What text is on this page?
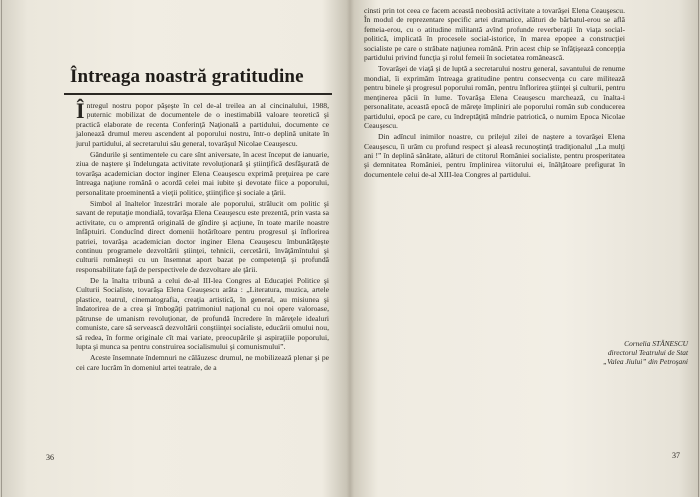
Întreaga noastră gratitudine

Întregul nostru popor păşeşte în cel de-al treilea an al cincinalului, 1988, puternic mobilizat de documentele de o inestimabilă valoare teoretică şi practică elaborate de recenta Conferinţă Naţională a partidului, documente ce jalonează drumul mereu ascendent al poporului nostru, într-o deplină unitate în jurul partidului, al secretarului său general, tovarăşul Nicolae Ceauşescu.

Gândurile şi sentimentele cu care sînt aniversate, în acest început de ianuarie, ziua de naştere şi îndelungata activitate revoluţionară şi ştiinţifică desfăşurată de tovarăşa academician doctor inginer Elena Ceauşescu exprimă preţuirea pe care întreaga naţiune română o acordă celei mai iubite şi devotate fiice a poporului, personalitate proeminentă a vieţii politice, ştiinţifice şi sociale a ţării.

Simbol al înaltelor înzestrări morale ale poporului, strălucit om politic şi savant de reputaţie mondială, tovarăşa Elena Ceauşescu este prezentă, prin vasta sa activitate, cu o amprentă originală de gîndire şi acţiune, în toate marile noastre înfăptuiri. Conducînd direct domenii hotărîtoare pentru progresul şi înflorirea patriei, tovarăşa academician doctor inginer Elena Ceauşescu îmbunătăţeşte continuu programele dezvoltării ştiinţei, tehnicii, cercetării, învăţămîntului şi culturii româneşti cu un însemnat aport bazat pe competenţă şi profundă responsabilitate faţă de perspectivele de dezvoltare ale ţării.

De la înalta tribună a celui de-al III-lea Congres al Educaţiei Politice şi Culturii Socialiste, tovarăşa Elena Ceauşescu arăta : „Literatura, muzica, artele plastice, teatrul, cinematografia, creaţia artistică, în general, au misiunea şi îndatorirea de a crea şi îmbogăţi patrimoniul naţional cu noi opere valoroase, pătrunse de umanism revoluţionar, de profundă încredere în măreţele idealuri comuniste, care să servească dezvoltării conştiinţei socialiste, educării omului nou, să redea, în forme originale cît mai variate, preocupările şi aspiraţiile poporului, lupta şi munca sa pentru construirea socialismului şi comunismului”.

Aceste însemnate îndemnuri ne călăuzesc drumul, ne mobilizează plenar şi pe cei care lucrăm în domeniul artei teatrale, de a

36

cinsti prin tot ceea ce facem această neobosită activitate a tovarăşei Elena Ceauşescu. În modul de reprezentare specific artei dramatice, alături de bărbatul-erou se află femeia-erou, cu o atitudine militantă avînd profunde reverberaţii în viaţa social-politică, implicată în procesele social-istorice, în marea epopee a construcţiei socialiste pe care o străbate naţiunea română. Prin acest chip se înfăţişează concepţia partidului privind funcţia şi rolul femeii în societatea românească.

Tovarăşei de viaţă şi de luptă a secretarului nostru general, savantului de renume mondial, îi exprimăm întreaga gratitudine pentru consecvenţa cu care militează pentru binele şi progresul poporului român, pentru înflorirea ştiinţei şi culturii, pentru menţinerea păcii în lume. Tovarăşa Elena Ceauşescu marchează, cu înalta-i personalitate, această epocă de măreţe împliniri ale poporului român sub conducerea partidului, epocă pe care, cu îndreptăţită mîndrie patriotică, o numim Epoca Nicolae Ceauşescu.

Din adîncul inimilor noastre, cu prilejul zilei de naştere a tovarăşei Elena Ceauşescu, îi urăm cu profund respect şi aleasă recunoştinţă tradiţionalul „La mulţi ani !” în deplină sănătate, alături de ctitorul României socialiste, pentru prosperitatea şi demnitatea României, pentru împlinirea viitorului ei, înălţătoare prefigurat în documentele celui de-al XIII-lea Congres al partidului.

Cornelia STĂNESCU
directorul Teatrului de Stat
„Valea Jiului” din Petroşani
37
